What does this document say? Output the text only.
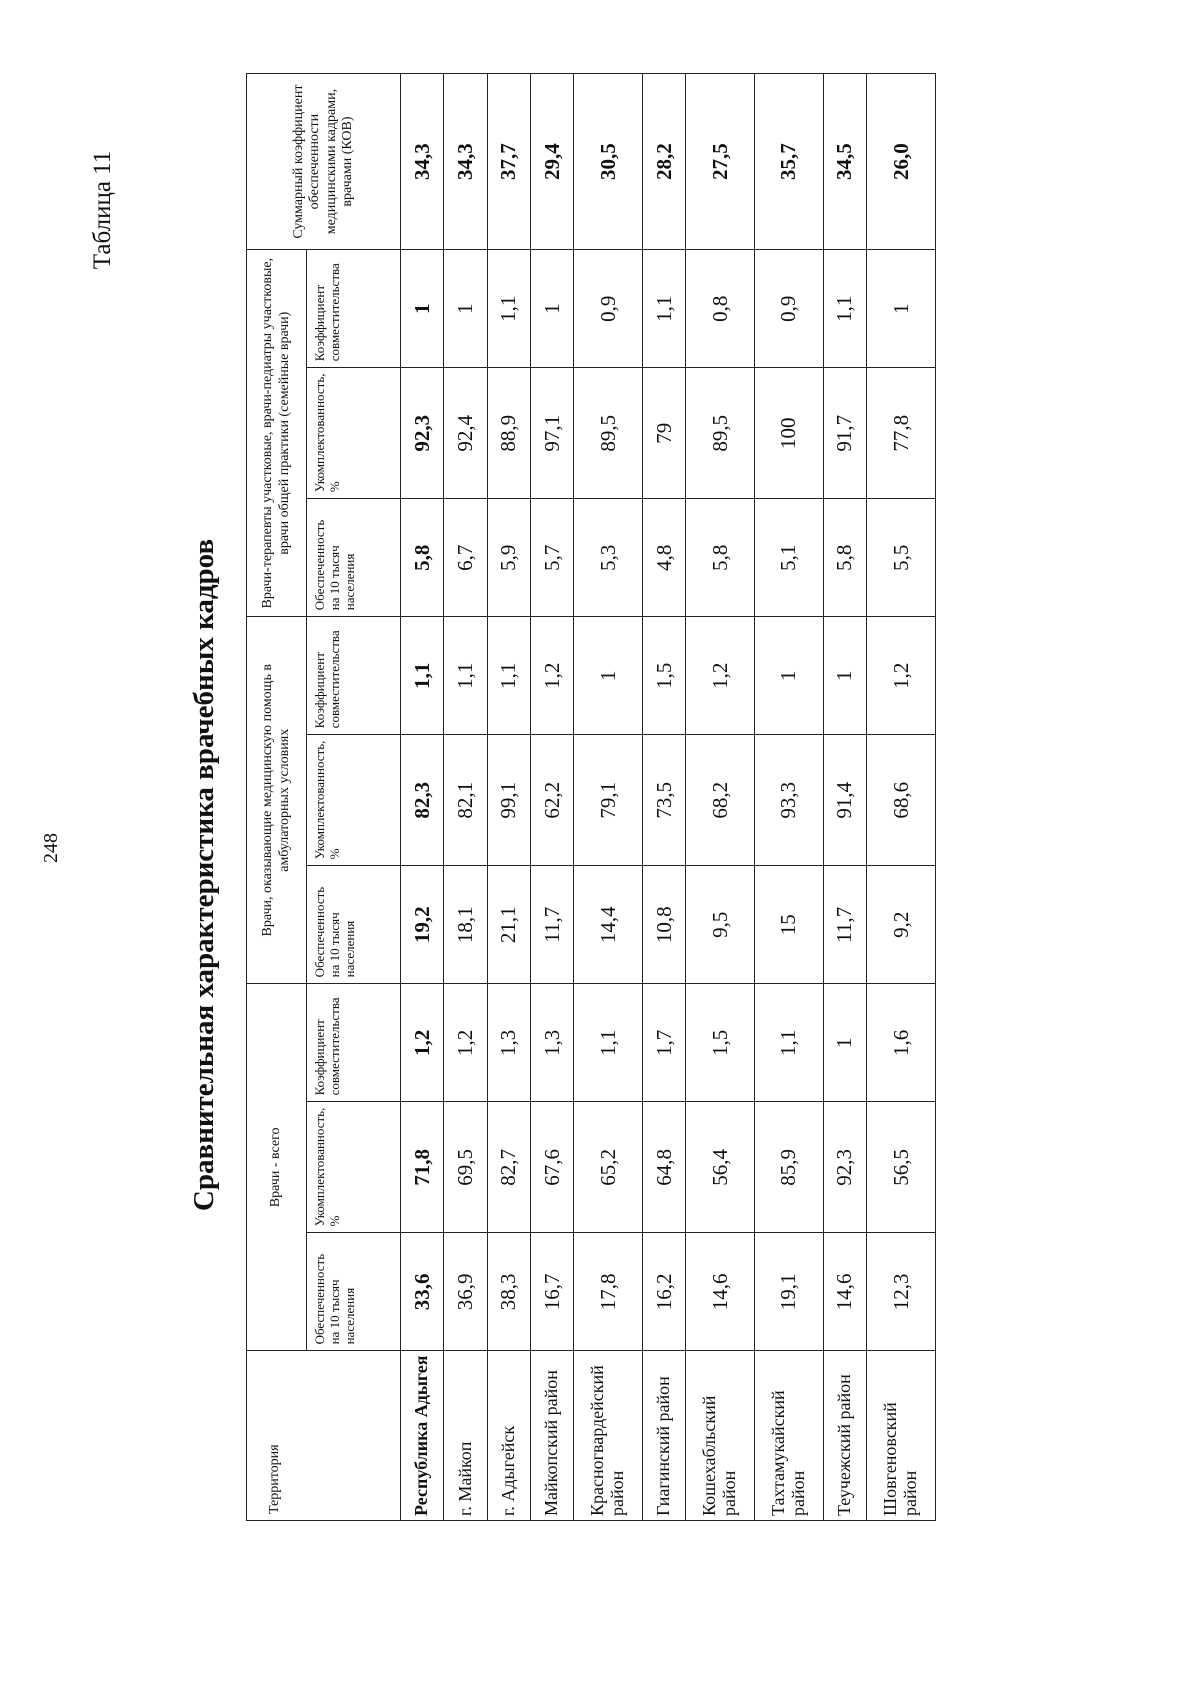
248
Таблица 11
Сравнительная характеристика врачебных кадров
Территория	Врачи - всего			Врачи, оказывающие медицинскую помощь в амбулаторных условиях			Врачи-терапевты участковые, врачи-педиатры участковые, врачи общей практики (семейные врачи)			Суммарный коэффициент обеспеченности медицинскими кадрами, врачами (КОВ)
	Обеспеченность на 10 тысяч населения	Укомплектованность, %	Коэффициент совместительства	Обеспеченность на 10 тысяч населения	Укомплектованность, %	Коэффициент совместительства	Обеспеченность на 10 тысяч населения	Укомплектованность, %	Коэффициент совместительства	
Республика Адыгея	33,6	71,8	1,2	19,2	82,3	1,1	5,8	92,3	1	34,3
г. Майкоп	36,9	69,5	1,2	18,1	82,1	1,1	6,7	92,4	1	34,3
г. Адыгейск	38,3	82,7	1,3	21,1	99,1	1,1	5,9	88,9	1,1	37,7
Майкопский район	16,7	67,6	1,3	11,7	62,2	1,2	5,7	97,1	1	29,4
Красногвардейский район	17,8	65,2	1,1	14,4	79,1	1	5,3	89,5	0,9	30,5
Гиагинский район	16,2	64,8	1,7	10,8	73,5	1,5	4,8	79	1,1	28,2
Кошехабльский район	14,6	56,4	1,5	9,5	68,2	1,2	5,8	89,5	0,8	27,5
Тахтамукайский район	19,1	85,9	1,1	15	93,3	1	5,1	100	0,9	35,7
Теучежский район	14,6	92,3	1	11,7	91,4	1	5,8	91,7	1,1	34,5
Шовгеновский район	12,3	56,5	1,6	9,2	68,6	1,2	5,5	77,8	1	26,0
